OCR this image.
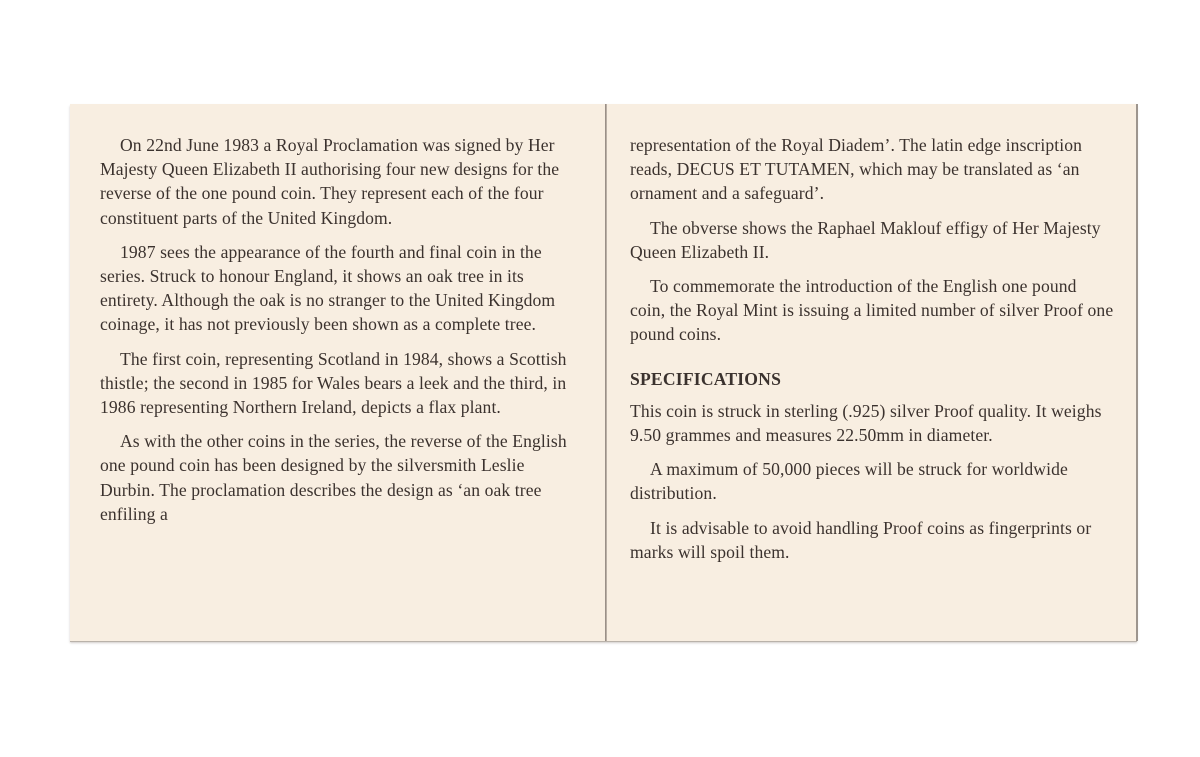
On 22nd June 1983 a Royal Proclamation was signed by Her Majesty Queen Elizabeth II authorising four new designs for the reverse of the one pound coin. They represent each of the four constituent parts of the United Kingdom.

1987 sees the appearance of the fourth and final coin in the series. Struck to honour England, it shows an oak tree in its entirety. Although the oak is no stranger to the United Kingdom coinage, it has not previously been shown as a complete tree.

The first coin, representing Scotland in 1984, shows a Scottish thistle; the second in 1985 for Wales bears a leek and the third, in 1986 representing Northern Ireland, depicts a flax plant.

As with the other coins in the series, the reverse of the English one pound coin has been designed by the silversmith Leslie Durbin. The proclamation describes the design as ‘an oak tree enfiling a

representation of the Royal Diadem’. The latin edge inscription reads, DECUS ET TUTAMEN, which may be translated as ‘an ornament and a safeguard’.

The obverse shows the Raphael Maklouf effigy of Her Majesty Queen Elizabeth II.

To commemorate the introduction of the English one pound coin, the Royal Mint is issuing a limited number of silver Proof one pound coins.

SPECIFICATIONS

This coin is struck in sterling (.925) silver Proof quality. It weighs 9.50 grammes and measures 22.50mm in diameter.

A maximum of 50,000 pieces will be struck for worldwide distribution.

It is advisable to avoid handling Proof coins as fingerprints or marks will spoil them.
